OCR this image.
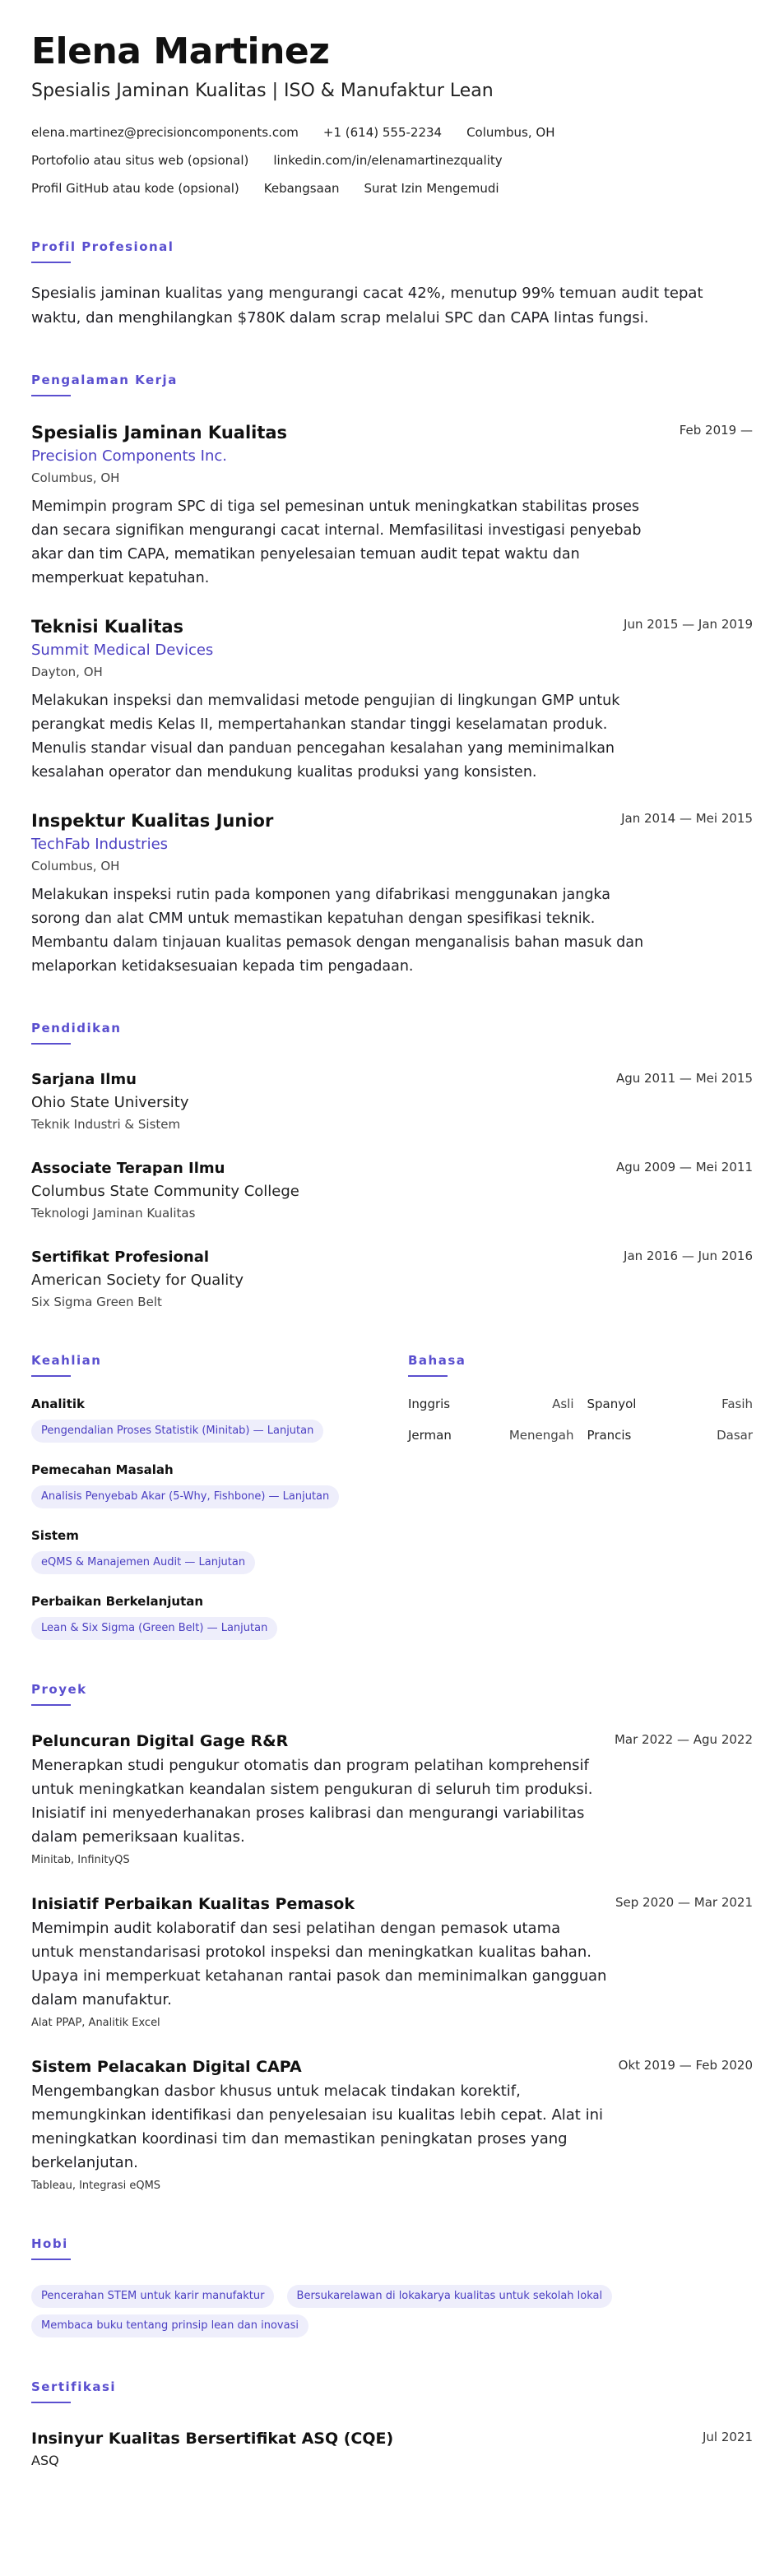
Elena Martinez
Spesialis Jaminan Kualitas | ISO & Manufaktur Lean
elena.martinez@precisioncomponents.com +1 (614) 555-2234 Columbus, OH
Portofolio atau situs web (opsional) linkedin.com/in/elenamartinezquality
Profil GitHub atau kode (opsional) Kebangsaan Surat Izin Mengemudi
Profil Profesional
Spesialis jaminan kualitas yang mengurangi cacat 42%, menutup 99% temuan audit tepat waktu, dan menghilangkan $780K dalam scrap melalui SPC dan CAPA lintas fungsi.
Pengalaman Kerja
Spesialis Jaminan Kualitas	Feb 2019 —
Precision Components Inc.
Columbus, OH
Memimpin program SPC di tiga sel pemesinan untuk meningkatkan stabilitas proses dan secara signifikan mengurangi cacat internal. Memfasilitasi investigasi penyebab akar dan tim CAPA, mematikan penyelesaian temuan audit tepat waktu dan memperkuat kepatuhan.
Teknisi Kualitas	Jun 2015 — Jan 2019
Summit Medical Devices
Dayton, OH
Melakukan inspeksi dan memvalidasi metode pengujian di lingkungan GMP untuk perangkat medis Kelas II, mempertahankan standar tinggi keselamatan produk. Menulis standar visual dan panduan pencegahan kesalahan yang meminimalkan kesalahan operator dan mendukung kualitas produksi yang konsisten.
Inspektur Kualitas Junior	Jan 2014 — Mei 2015
TechFab Industries
Columbus, OH
Melakukan inspeksi rutin pada komponen yang difabrikasi menggunakan jangka sorong dan alat CMM untuk memastikan kepatuhan dengan spesifikasi teknik. Membantu dalam tinjauan kualitas pemasok dengan menganalisis bahan masuk dan melaporkan ketidaksesuaian kepada tim pengadaan.
Pendidikan
Sarjana Ilmu	Agu 2011 — Mei 2015
Ohio State University
Teknik Industri & Sistem
Associate Terapan Ilmu	Agu 2009 — Mei 2011
Columbus State Community College
Teknologi Jaminan Kualitas
Sertifikat Profesional	Jan 2016 — Jun 2016
American Society for Quality
Six Sigma Green Belt
Keahlian
Analitik
Pengendalian Proses Statistik (Minitab) — Lanjutan
Pemecahan Masalah
Analisis Penyebab Akar (5-Why, Fishbone) — Lanjutan
Sistem
eQMS & Manajemen Audit — Lanjutan
Perbaikan Berkelanjutan
Lean & Six Sigma (Green Belt) — Lanjutan
Bahasa
Inggris	Asli Spanyol	Fasih
Jerman	Menengah Prancis	Dasar
Proyek
Peluncuran Digital Gage R&R	Mar 2022 — Agu 2022
Menerapkan studi pengukur otomatis dan program pelatihan komprehensif untuk meningkatkan keandalan sistem pengukuran di seluruh tim produksi. Inisiatif ini menyederhanakan proses kalibrasi dan mengurangi variabilitas dalam pemeriksaan kualitas.
Minitab, InfinityQS
Inisiatif Perbaikan Kualitas Pemasok	Sep 2020 — Mar 2021
Memimpin audit kolaboratif dan sesi pelatihan dengan pemasok utama untuk menstandarisasi protokol inspeksi dan meningkatkan kualitas bahan. Upaya ini memperkuat ketahanan rantai pasok dan meminimalkan gangguan dalam manufaktur.
Alat PPAP, Analitik Excel
Sistem Pelacakan Digital CAPA	Okt 2019 — Feb 2020
Mengembangkan dasbor khusus untuk melacak tindakan korektif, memungkinkan identifikasi dan penyelesaian isu kualitas lebih cepat. Alat ini meningkatkan koordinasi tim dan memastikan peningkatan proses yang berkelanjutan.
Tableau, Integrasi eQMS
Hobi
Pencerahan STEM untuk karir manufaktur	Bersukarelawan di lokakarya kualitas untuk sekolah lokal Membaca buku tentang prinsip lean dan inovasi
Sertifikasi
Insinyur Kualitas Bersertifikat ASQ (CQE)	Jul 2021
ASQ
